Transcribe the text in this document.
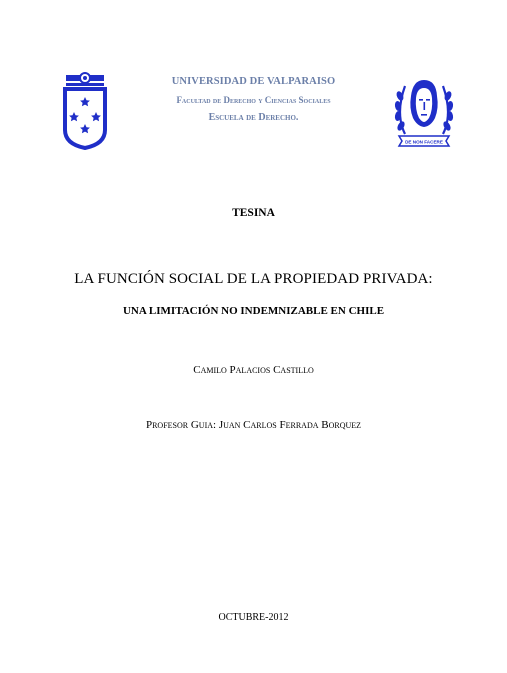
DE NON FACERE
UNIVERSIDAD DE VALPARAISO
Facultad de Derecho y Ciencias Sociales
Escuela de Derecho.
TESINA
LA FUNCIÓN SOCIAL DE LA PROPIEDAD PRIVADA:
UNA LIMITACIÓN NO INDEMNIZABLE EN CHILE
Camilo Palacios Castillo
Profesor Guia: Juan Carlos Ferrada Borquez
OCTUBRE-2012
